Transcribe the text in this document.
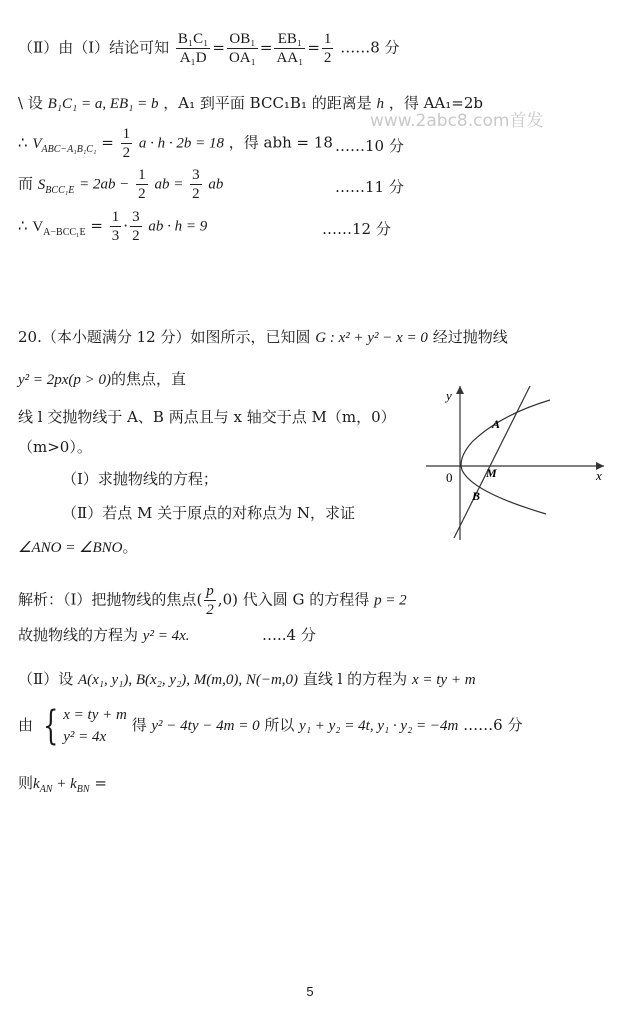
www.2abc8.com首发
（Ⅱ）由（Ⅰ）结论可知 $\frac{\text{B₁C₁}}{\text{A₁D}} = \frac{\text{OB₁}}{\text{OA₁}} = \frac{\text{EB₁}}{\text{AA₁}} = \frac{1}{2}$ ……8 分
\ 设 B₁C₁ = a, EB₁ = b ，A₁ 到平面 BCC₁B₁ 的距离是 h ，得 AA₁=2b
∴ $V_{ABC-A_1B_1C_1} = \frac{1}{2}$ a · h · 2b = 18 ，得 abh = 18 ……10 分
而 $S_{BCC_1E} = 2ab - \frac{1}{2}$ ab = $\frac{3}{2}$ ab	……11 分
∴ $V_{A-BCC_1E} = \frac{1}{3} \cdot \frac{3}{2}$ ab · h = 9	……12 分
20.（本小题满分 12 分）如图所示，已知圆 G : x² + y² − x = 0 经过抛物线
y² = 2px(p > 0)的焦点，直
线 l 交抛物线于 A、B 两点且与 x 轴交于点 M（m，0）
（m>0）。
（Ⅰ）求抛物线的方程；
（Ⅱ）若点 M 关于原点的对称点为 N，求证
∠ANO = ∠BNO。
y
x
0
A
B
M
解析：（Ⅰ）把抛物线的焦点( $\frac{p}{2} ,0$) 代入圆 G 的方程得 p = 2
故抛物线的方程为 y² = 4x.	…..4 分
（Ⅱ）设 A(x₁, y₁), B(x₂, y₂), M(m,0), N(−m,0) 直线 l 的方程为 x = ty + m
由 { x = ty + m
y² = 4x
得 y² − 4ty − 4m = 0 所以 y₁ + y₂ = 4t, y₁ · y₂ = −4m ……6 分
则$k_{AN} + k_{BN}$ =
5
